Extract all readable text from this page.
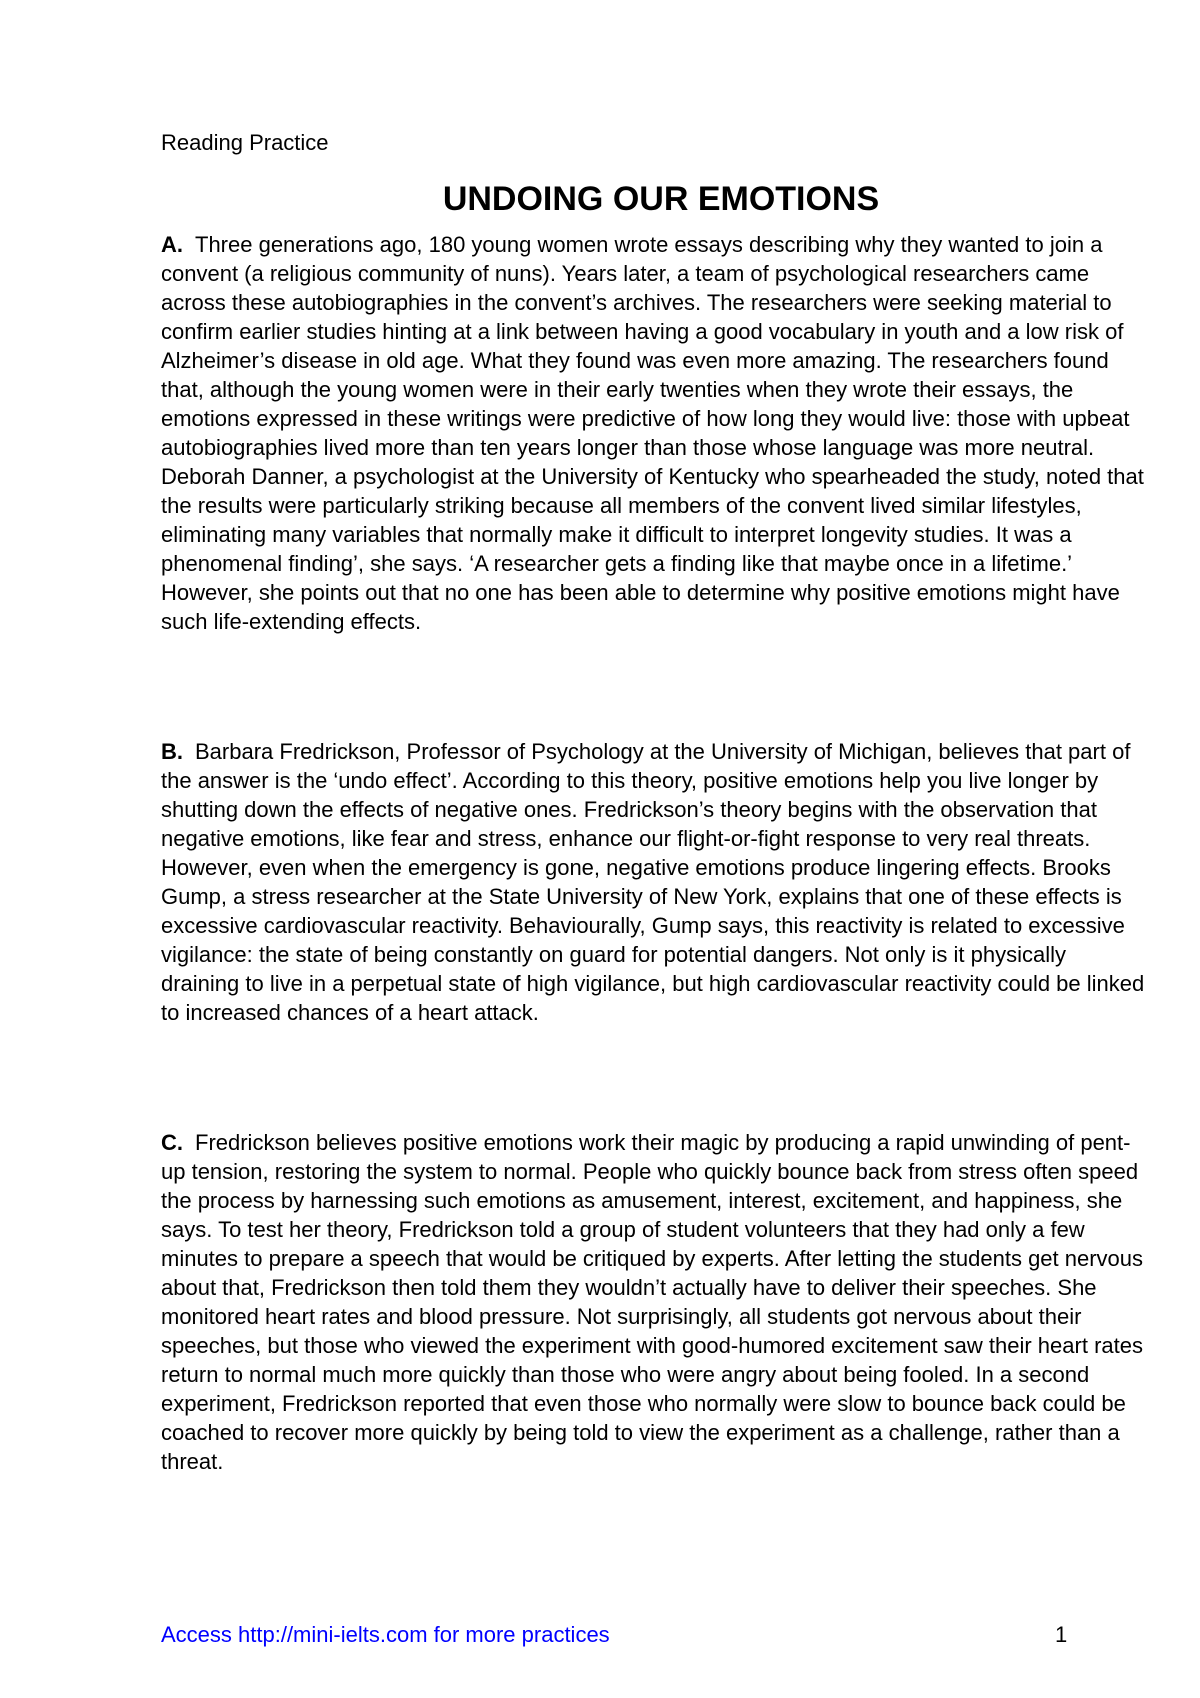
Reading Practice
UNDOING OUR EMOTIONS

A. Three generations ago, 180 young women wrote essays describing why they wanted to join a convent (a religious community of nuns). Years later, a team of psychological researchers came across these autobiographies in the convent’s archives. The researchers were seeking material to confirm earlier studies hinting at a link between having a good vocabulary in youth and a low risk of Alzheimer’s disease in old age. What they found was even more amazing. The researchers found that, although the young women were in their early twenties when they wrote their essays, the emotions expressed in these writings were predictive of how long they would live: those with upbeat autobiographies lived more than ten years longer than those whose language was more neutral. Deborah Danner, a psychologist at the University of Kentucky who spearheaded the study, noted that the results were particularly striking because all members of the convent lived similar lifestyles, eliminating many variables that normally make it difficult to interpret longevity studies. It was a phenomenal finding’, she says. ‘A researcher gets a finding like that maybe once in a lifetime.’ However, she points out that no one has been able to determine why positive emotions might have such life-extending effects.

B. Barbara Fredrickson, Professor of Psychology at the University of Michigan, believes that part of the answer is the ‘undo effect’. According to this theory, positive emotions help you live longer by shutting down the effects of negative ones. Fredrickson’s theory begins with the observation that negative emotions, like fear and stress, enhance our flight-or-fight response to very real threats. However, even when the emergency is gone, negative emotions produce lingering effects. Brooks Gump, a stress researcher at the State University of New York, explains that one of these effects is excessive cardiovascular reactivity. Behaviourally, Gump says, this reactivity is related to excessive vigilance: the state of being constantly on guard for potential dangers. Not only is it physically draining to live in a perpetual state of high vigilance, but high cardiovascular reactivity could be linked to increased chances of a heart attack.

C. Fredrickson believes positive emotions work their magic by producing a rapid unwinding of pent-up tension, restoring the system to normal. People who quickly bounce back from stress often speed the process by harnessing such emotions as amusement, interest, excitement, and happiness, she says. To test her theory, Fredrickson told a group of student volunteers that they had only a few minutes to prepare a speech that would be critiqued by experts. After letting the students get nervous about that, Fredrickson then told them they wouldn’t actually have to deliver their speeches. She monitored heart rates and blood pressure. Not surprisingly, all students got nervous about their speeches, but those who viewed the experiment with good-humored excitement saw their heart rates return to normal much more quickly than those who were angry about being fooled. In a second experiment, Fredrickson reported that even those who normally were slow to bounce back could be coached to recover more quickly by being told to view the experiment as a challenge, rather than a threat.

Access http://mini-ielts.com for more practices	1
